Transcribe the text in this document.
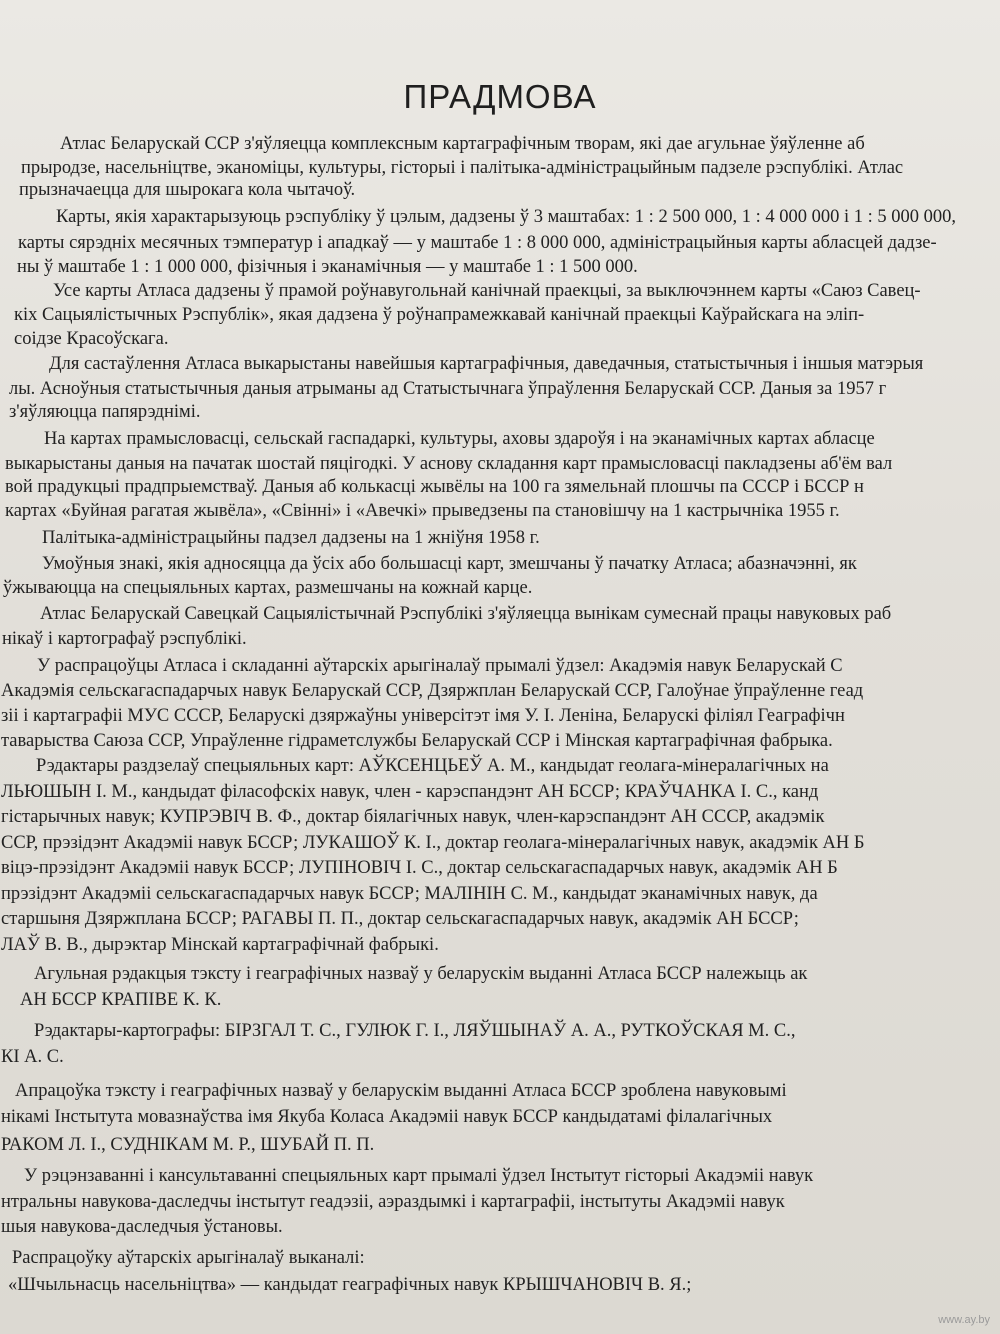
ПРАДМОВА
Атлас Беларускай ССР з'яўляецца комплексным картаграфічным творам, які дае агульнае ўяўленне аб
прыродзе, насельніцтве, эканоміцы, культуры, гісторыі і палітыка-адміністрацыйным падзеле рэспублікі. Атлас
прызначаецца для шырокага кола чытачоў.
Карты, якія характарызуюць рэспубліку ў цэлым, дадзены ў 3 маштабах: 1 : 2 500 000, 1 : 4 000 000 і 1 : 5 000 000,
карты сярэдніх месячных тэмператур і ападкаў — у маштабе 1 : 8 000 000, адміністрацыйныя карты абласцей дадзе-
ны ў маштабе 1 : 1 000 000, фізічныя і эканамічныя — у маштабе 1 : 1 500 000.
Усе карты Атласа дадзены ў прамой роўнавугольнай канічнай праекцыі, за выключэннем карты «Саюз Савец-
кіх Сацыялістычных Рэспублік», якая дадзена ў роўнапрамежкавай канічнай праекцыі Каўрайскага на эліп-
соідзе Красоўскага.
Для састаўлення Атласа выкарыстаны навейшыя картаграфічныя, даведачныя, статыстычныя і іншыя матэрыя
лы. Асноўныя статыстычныя даныя атрыманы ад Статыстычнага ўпраўлення Беларускай ССР. Даныя за 1957 г
з'яўляюцца папярэднімі.
На картах прамысловасці, сельскай гаспадаркі, культуры, аховы здароўя і на эканамічных картах абласце
выкарыстаны даныя на пачатак шостай пяцігодкі. У аснову складання карт прамысловасці пакладзены аб'ём вал
вой прадукцыі прадпрыемстваў. Даныя аб колькасці жывёлы на 100 га зямельнай плошчы па СССР і БССР н
картах «Буйная рагатая жывёла», «Свінні» і «Авечкі» прыведзены па становішчу на 1 кастрычніка 1955 г.
Палітыка-адміністрацыйны падзел дадзены на 1 жніўня 1958 г.
Умоўныя знакі, якія адносяцца да ўсіх або большасці карт, змешчаны ў пачатку Атласа; абазначэнні, як
ўжываюцца на спецыяльных картах, размешчаны на кожнай карце.
Атлас Беларускай Савецкай Сацыялістычнай Рэспублікі з'яўляецца вынікам сумеснай працы навуковых раб
нікаў і картографаў рэспублікі.
У распрацоўцы Атласа і складанні аўтарскіх арыгіналаў прымалі ўдзел: Акадэмія навук Беларускай С
Акадэмія сельскагаспадарчых навук Беларускай ССР, Дзяржплан Беларускай ССР, Галоўнае ўпраўленне геад
зіі і картаграфіі МУС СССР, Беларускі дзяржаўны універсітэт імя У. І. Леніна, Беларускі філіял Геаграфічн
таварыства Саюза ССР, Упраўленне гідраметслужбы Беларускай ССР і Мінская картаграфічная фабрыка.
Рэдактары раздзелаў спецыяльных карт: АЎКСЕНЦЬЕЎ А. М., кандыдат геолага-мінералагічных на
ЛЬЮШЫН І. М., кандыдат філасофскіх навук, член - карэспандэнт АН БССР; КРАЎЧАНКА І. С., канд
гістарычных навук; КУПРЭВІЧ В. Ф., доктар біялагічных навук, член-карэспандэнт АН СССР, акадэмік
ССР, прэзідэнт Акадэміі навук БССР; ЛУКАШОЎ К. І., доктар геолага-мінералагічных навук, акадэмік АН Б
віцэ-прэзідэнт Акадэміі навук БССР; ЛУПІНОВІЧ І. С., доктар сельскагаспадарчых навук, акадэмік АН Б
прэзідэнт Акадэміі сельскагаспадарчых навук БССР; МАЛІНІН С. М., кандыдат эканамічных навук, да
старшыня Дзяржплана БССР; РАГАВЫ П. П., доктар сельскагаспадарчых навук, акадэмік АН БССР;
ЛАЎ В. В., дырэктар Мінскай картаграфічнай фабрыкі.
Агульная рэдакцыя тэксту і геаграфічных назваў у беларускім выданні Атласа БССР належыць ак
АН БССР КРАПІВЕ К. К.
Рэдактары-картографы: БІРЗГАЛ Т. С., ГУЛЮК Г. І., ЛЯЎШЫНАЎ А. А., РУТКОЎСКАЯ М. С.,
КІ А. С.
Апрацоўка тэксту і геаграфічных назваў у беларускім выданні Атласа БССР зроблена навуковымі
нікамі Інстытута мовазнаўства імя Якуба Коласа Акадэміі навук БССР кандыдатамі філалагічных
РАКОМ Л. І., СУДНІКАМ М. Р., ШУБАЙ П. П.
У рэцэнзаванні і кансультаванні спецыяльных карт прымалі ўдзел Інстытут гісторыі Акадэміі навук
нтральны навукова-даследчы інстытут геадэзіі, аэраздымкі і картаграфіі, інстытуты Акадэміі навук
шыя навукова-даследчыя ўстановы.
Распрацоўку аўтарскіх арыгіналаў выканалі:
«Шчыльнасць насельніцтва» — кандыдат геаграфічных навук КРЫШЧАНОВІЧ В. Я.;
www.ay.by
